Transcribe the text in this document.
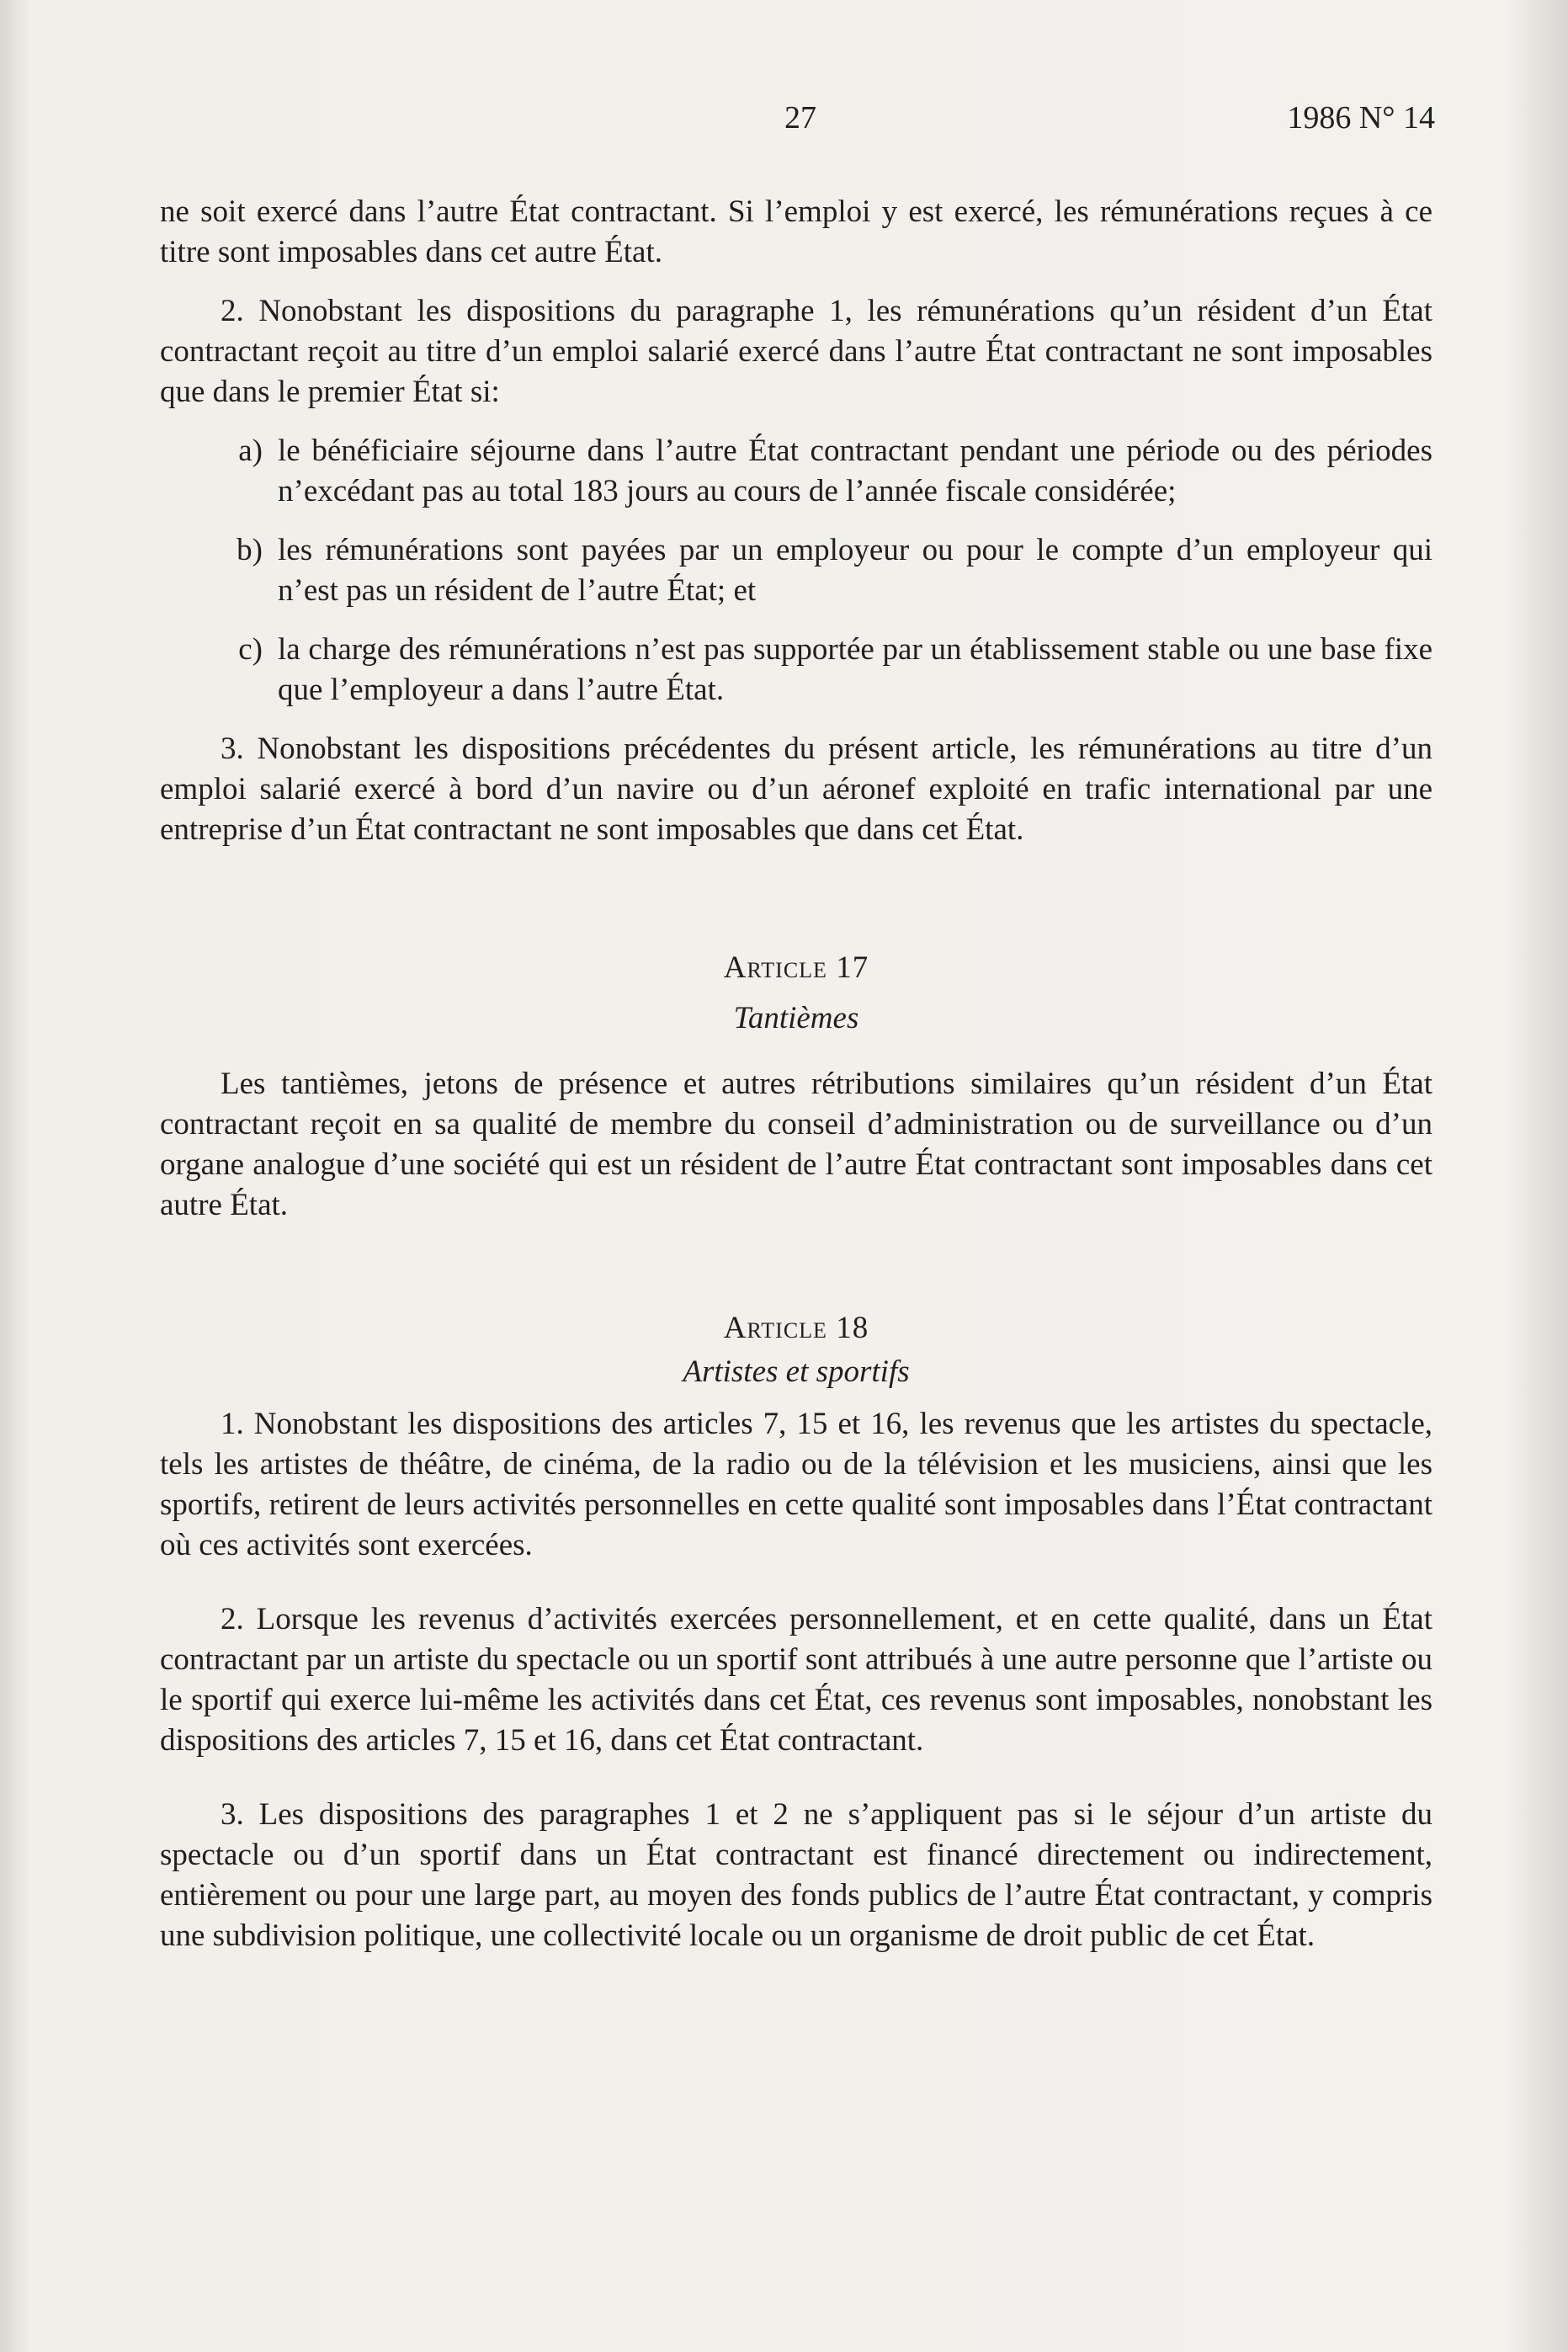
27	1986 N° 14

ne soit exercé dans l’autre État contractant. Si l’emploi y est exercé, les rémunérations reçues à ce titre sont imposables dans cet autre État.

2. Nonobstant les dispositions du paragraphe 1, les rémunérations qu’un résident d’un État contractant reçoit au titre d’un emploi salarié exercé dans l’autre État contractant ne sont imposables que dans le premier État si:

a) le bénéficiaire séjourne dans l’autre État contractant pendant une période ou des périodes n’excédant pas au total 183 jours au cours de l’année fiscale considérée;
b) les rémunérations sont payées par un employeur ou pour le compte d’un employeur qui n’est pas un résident de l’autre État; et
c) la charge des rémunérations n’est pas supportée par un établissement stable ou une base fixe que l’employeur a dans l’autre État.

3. Nonobstant les dispositions précédentes du présent article, les rémunérations au titre d’un emploi salarié exercé à bord d’un navire ou d’un aéronef exploité en trafic international par une entreprise d’un État contractant ne sont imposables que dans cet État.

Article 17
Tantièmes

Les tantièmes, jetons de présence et autres rétributions similaires qu’un résident d’un État contractant reçoit en sa qualité de membre du conseil d’administration ou de surveillance ou d’un organe analogue d’une société qui est un résident de l’autre État contractant sont imposables dans cet autre État.

Article 18
Artistes et sportifs

1. Nonobstant les dispositions des articles 7, 15 et 16, les revenus que les artistes du spectacle, tels les artistes de théâtre, de cinéma, de la radio ou de la télévision et les musiciens, ainsi que les sportifs, retirent de leurs activités personnelles en cette qualité sont imposables dans l’État contractant où ces activités sont exercées.

2. Lorsque les revenus d’activités exercées personnellement, et en cette qualité, dans un État contractant par un artiste du spectacle ou un sportif sont attribués à une autre personne que l’artiste ou le sportif qui exerce lui-même les activités dans cet État, ces revenus sont imposables, nonobstant les dispositions des articles 7, 15 et 16, dans cet État contractant.

3. Les dispositions des paragraphes 1 et 2 ne s’appliquent pas si le séjour d’un artiste du spectacle ou d’un sportif dans un État contractant est financé directement ou indirectement, entièrement ou pour une large part, au moyen des fonds publics de l’autre État contractant, y compris une subdivision politique, une collectivité locale ou un organisme de droit public de cet État.
